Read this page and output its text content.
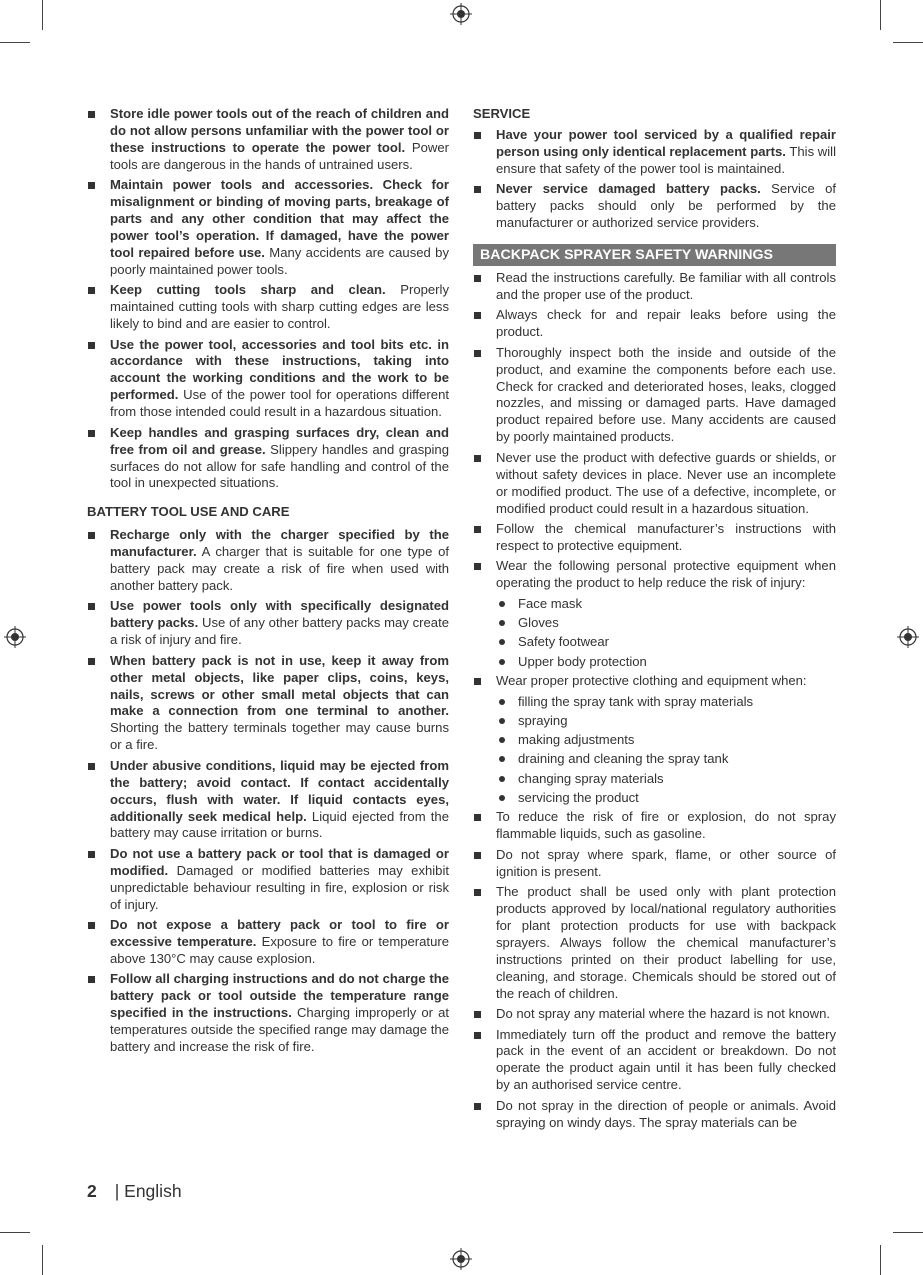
Store idle power tools out of the reach of children and do not allow persons unfamiliar with the power tool or these instructions to operate the power tool. Power tools are dangerous in the hands of untrained users.
Maintain power tools and accessories. Check for misalignment or binding of moving parts, breakage of parts and any other condition that may affect the power tool’s operation. If damaged, have the power tool repaired before use. Many accidents are caused by poorly maintained power tools.
Keep cutting tools sharp and clean. Properly maintained cutting tools with sharp cutting edges are less likely to bind and are easier to control.
Use the power tool, accessories and tool bits etc. in accordance with these instructions, taking into account the working conditions and the work to be performed. Use of the power tool for operations different from those intended could result in a hazardous situation.
Keep handles and grasping surfaces dry, clean and free from oil and grease. Slippery handles and grasping surfaces do not allow for safe handling and control of the tool in unexpected situations.
BATTERY TOOL USE AND CARE
Recharge only with the charger specified by the manufacturer. A charger that is suitable for one type of battery pack may create a risk of fire when used with another battery pack.
Use power tools only with specifically designated battery packs. Use of any other battery packs may create a risk of injury and fire.
When battery pack is not in use, keep it away from other metal objects, like paper clips, coins, keys, nails, screws or other small metal objects that can make a connection from one terminal to another. Shorting the battery terminals together may cause burns or a fire.
Under abusive conditions, liquid may be ejected from the battery; avoid contact. If contact accidentally occurs, flush with water. If liquid contacts eyes, additionally seek medical help. Liquid ejected from the battery may cause irritation or burns.
Do not use a battery pack or tool that is damaged or modified. Damaged or modified batteries may exhibit unpredictable behaviour resulting in fire, explosion or risk of injury.
Do not expose a battery pack or tool to fire or excessive temperature. Exposure to fire or temperature above 130°C may cause explosion.
Follow all charging instructions and do not charge the battery pack or tool outside the temperature range specified in the instructions. Charging improperly or at temperatures outside the specified range may damage the battery and increase the risk of fire.
SERVICE
Have your power tool serviced by a qualified repair person using only identical replacement parts. This will ensure that safety of the power tool is maintained.
Never service damaged battery packs. Service of battery packs should only be performed by the manufacturer or authorized service providers.
BACKPACK SPRAYER SAFETY WARNINGS
Read the instructions carefully. Be familiar with all controls and the proper use of the product.
Always check for and repair leaks before using the product.
Thoroughly inspect both the inside and outside of the product, and examine the components before each use. Check for cracked and deteriorated hoses, leaks, clogged nozzles, and missing or damaged parts. Have damaged product repaired before use. Many accidents are caused by poorly maintained products.
Never use the product with defective guards or shields, or without safety devices in place. Never use an incomplete or modified product. The use of a defective, incomplete, or modified product could result in a hazardous situation.
Follow the chemical manufacturer’s instructions with respect to protective equipment.
Wear the following personal protective equipment when operating the product to help reduce the risk of injury:
Face mask
Gloves
Safety footwear
Upper body protection
Wear proper protective clothing and equipment when:
filling the spray tank with spray materials
spraying
making adjustments
draining and cleaning the spray tank
changing spray materials
servicing the product
To reduce the risk of fire or explosion, do not spray flammable liquids, such as gasoline.
Do not spray where spark, flame, or other source of ignition is present.
The product shall be used only with plant protection products approved by local/national regulatory authorities for plant protection products for use with backpack sprayers. Always follow the chemical manufacturer’s instructions printed on their product labelling for use, cleaning, and storage. Chemicals should be stored out of the reach of children.
Do not spray any material where the hazard is not known.
Immediately turn off the product and remove the battery pack in the event of an accident or breakdown. Do not operate the product again until it has been fully checked by an authorised service centre.
Do not spray in the direction of people or animals. Avoid spraying on windy days. The spray materials can be
2 | English
